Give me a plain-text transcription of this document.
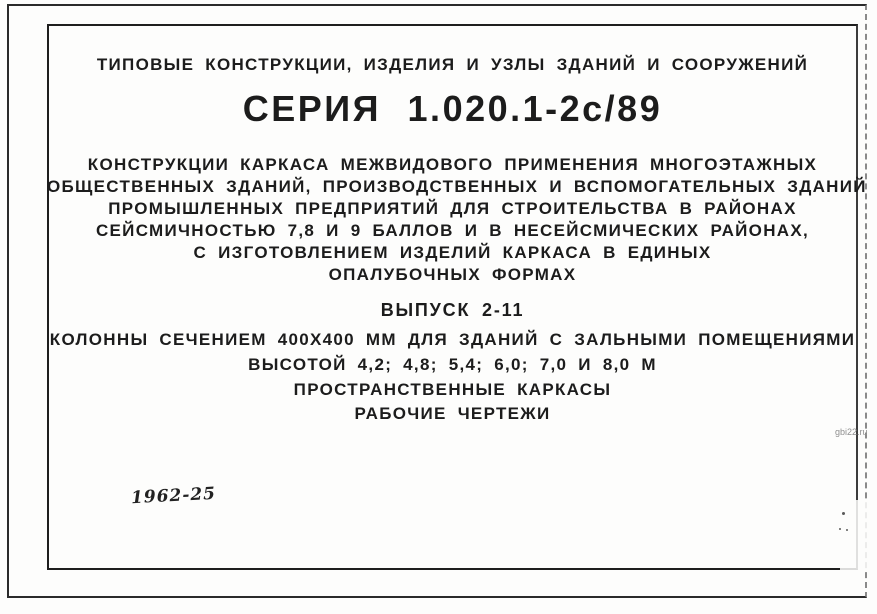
ТИПОВЫЕ КОНСТРУКЦИИ, ИЗДЕЛИЯ И УЗЛЫ ЗДАНИЙ И СООРУЖЕНИЙ
СЕРИЯ 1.020.1-2с/89
КОНСТРУКЦИИ КАРКАСА МЕЖВИДОВОГО ПРИМЕНЕНИЯ МНОГОЭТАЖНЫХ
ОБЩЕСТВЕННЫХ ЗДАНИЙ, ПРОИЗВОДСТВЕННЫХ И ВСПОМОГАТЕЛЬНЫХ ЗДАНИЙ
ПРОМЫШЛЕННЫХ ПРЕДПРИЯТИЙ ДЛЯ СТРОИТЕЛЬСТВА В РАЙОНАХ
СЕЙСМИЧНОСТЬЮ 7,8 И 9 БАЛЛОВ И В НЕСЕЙСМИЧЕСКИХ РАЙОНАХ,
С ИЗГОТОВЛЕНИЕМ ИЗДЕЛИЙ КАРКАСА В ЕДИНЫХ
ОПАЛУБОЧНЫХ ФОРМАХ
ВЫПУСК 2-11
КОЛОННЫ СЕЧЕНИЕМ 400Х400 ММ ДЛЯ ЗДАНИЙ С ЗАЛЬНЫМИ ПОМЕЩЕНИЯМИ
ВЫСОТОЙ 4,2; 4,8; 5,4; 6,0; 7,0 И 8,0 М
ПРОСТРАНСТВЕННЫЕ КАРКАСЫ
РАБОЧИЕ ЧЕРТЕЖИ
1962-25
gbi22.ru
